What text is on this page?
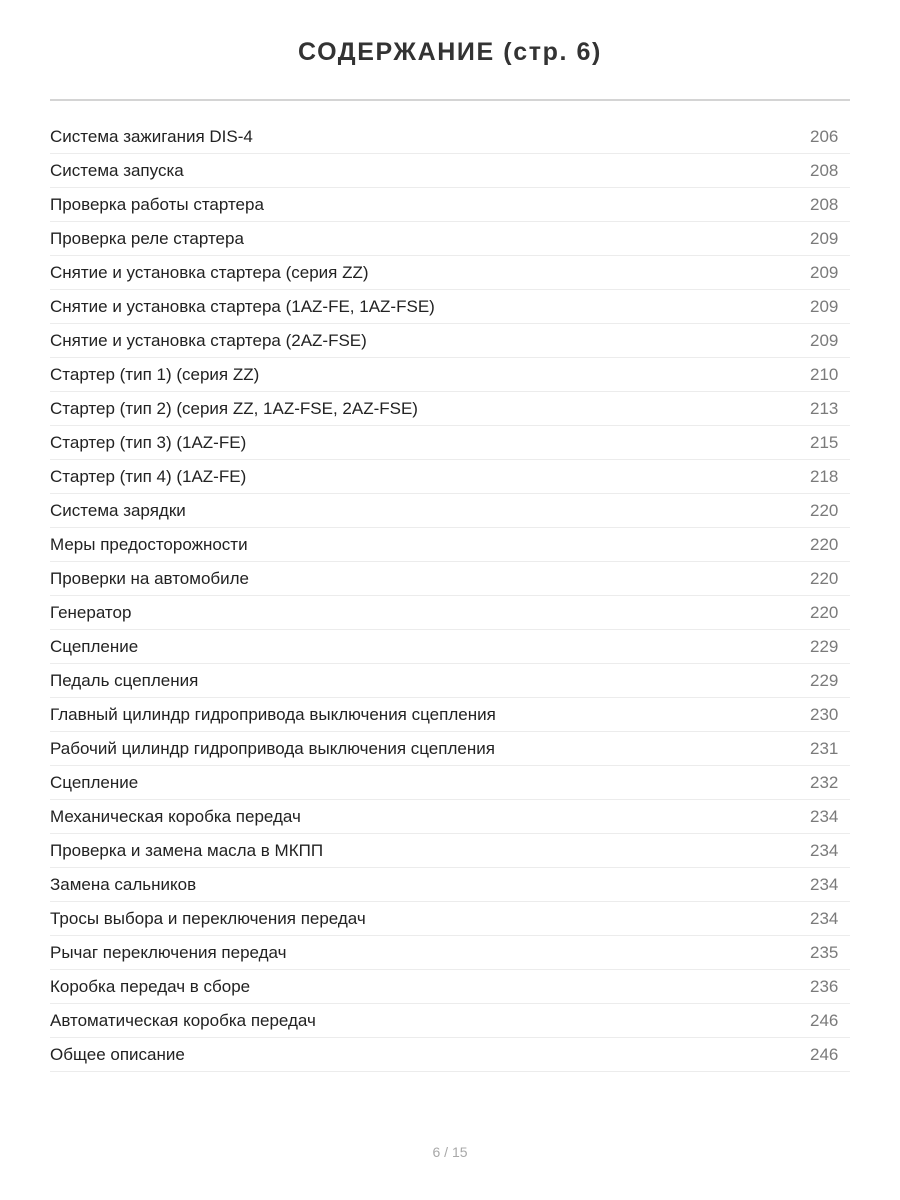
СОДЕРЖАНИЕ (стр. 6)
Система зажигания DIS-4	206
Система запуска	208
Проверка работы стартера	208
Проверка реле стартера	209
Снятие и установка стартера (серия ZZ)	209
Снятие и установка стартера (1AZ-FE, 1AZ-FSE)	209
Снятие и установка стартера (2AZ-FSE)	209
Стартер (тип 1) (серия ZZ)	210
Стартер (тип 2) (серия ZZ, 1AZ-FSE, 2AZ-FSE)	213
Стартер (тип 3) (1AZ-FE)	215
Стартер (тип 4) (1AZ-FE)	218
Система зарядки	220
Меры предосторожности	220
Проверки на автомобиле	220
Генератор	220
Сцепление	229
Педаль сцепления	229
Главный цилиндр гидропривода выключения сцепления	230
Рабочий цилиндр гидропривода выключения сцепления	231
Сцепление	232
Механическая коробка передач	234
Проверка и замена масла в МКПП	234
Замена сальников	234
Тросы выбора и переключения передач	234
Рычаг переключения передач	235
Коробка передач в сборе	236
Автоматическая коробка передач	246
Общее описание	246
6 / 15
